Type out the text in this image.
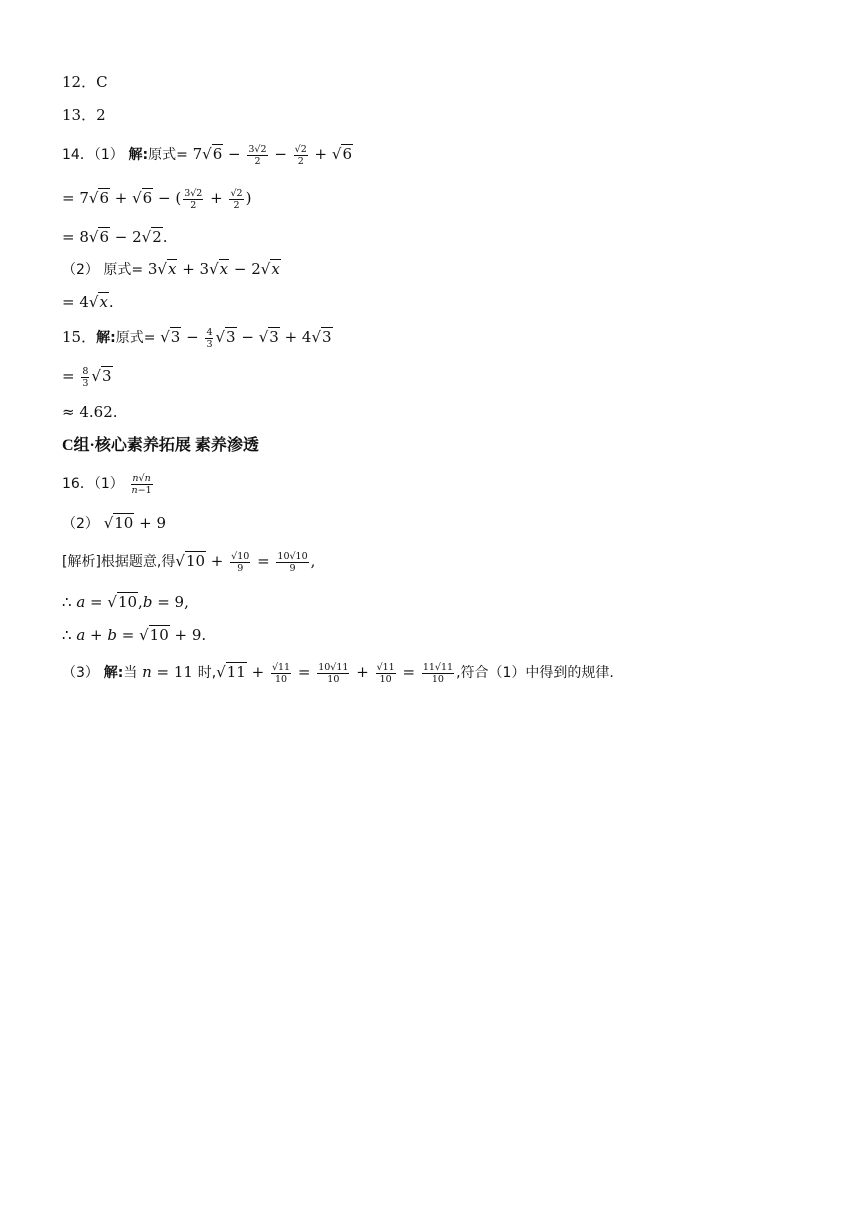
12．C
13．2
14．（1） 解:原式= $7√6 - \frac{3√2}{2} - \frac{√2}{2} + √6$
= 7√6 + √6 − ( $\frac{3√2}{2} + \frac{√2}{2}$ )
= 8√6 − 2√2.
（2） 原式= 3√x + 3√x − 2√x
= 4√x.
15．解:原式= $√3 - \frac{4}{3} √3 - √3 + 4√3$
= $\frac{8}{3} √3$
≈ 4.62.
C组·核心素养拓展 素养渗透
16．$(1) \frac{n√n}{n-1}$
（2） √10 + 9
[解析]根据题意,得$√10 + \frac{√10}{9} = \frac{10√10}{9}$ ,
∴ a = √10,b = 9,
∴ a + b = √10 + 9.
（3） 解:当 n = 11 时$,√11 + \frac{√11}{10} = \frac{10√11}{10} + \frac{√11}{10} = \frac{11√11}{10}$ ,符合（1）中得到的规律.
